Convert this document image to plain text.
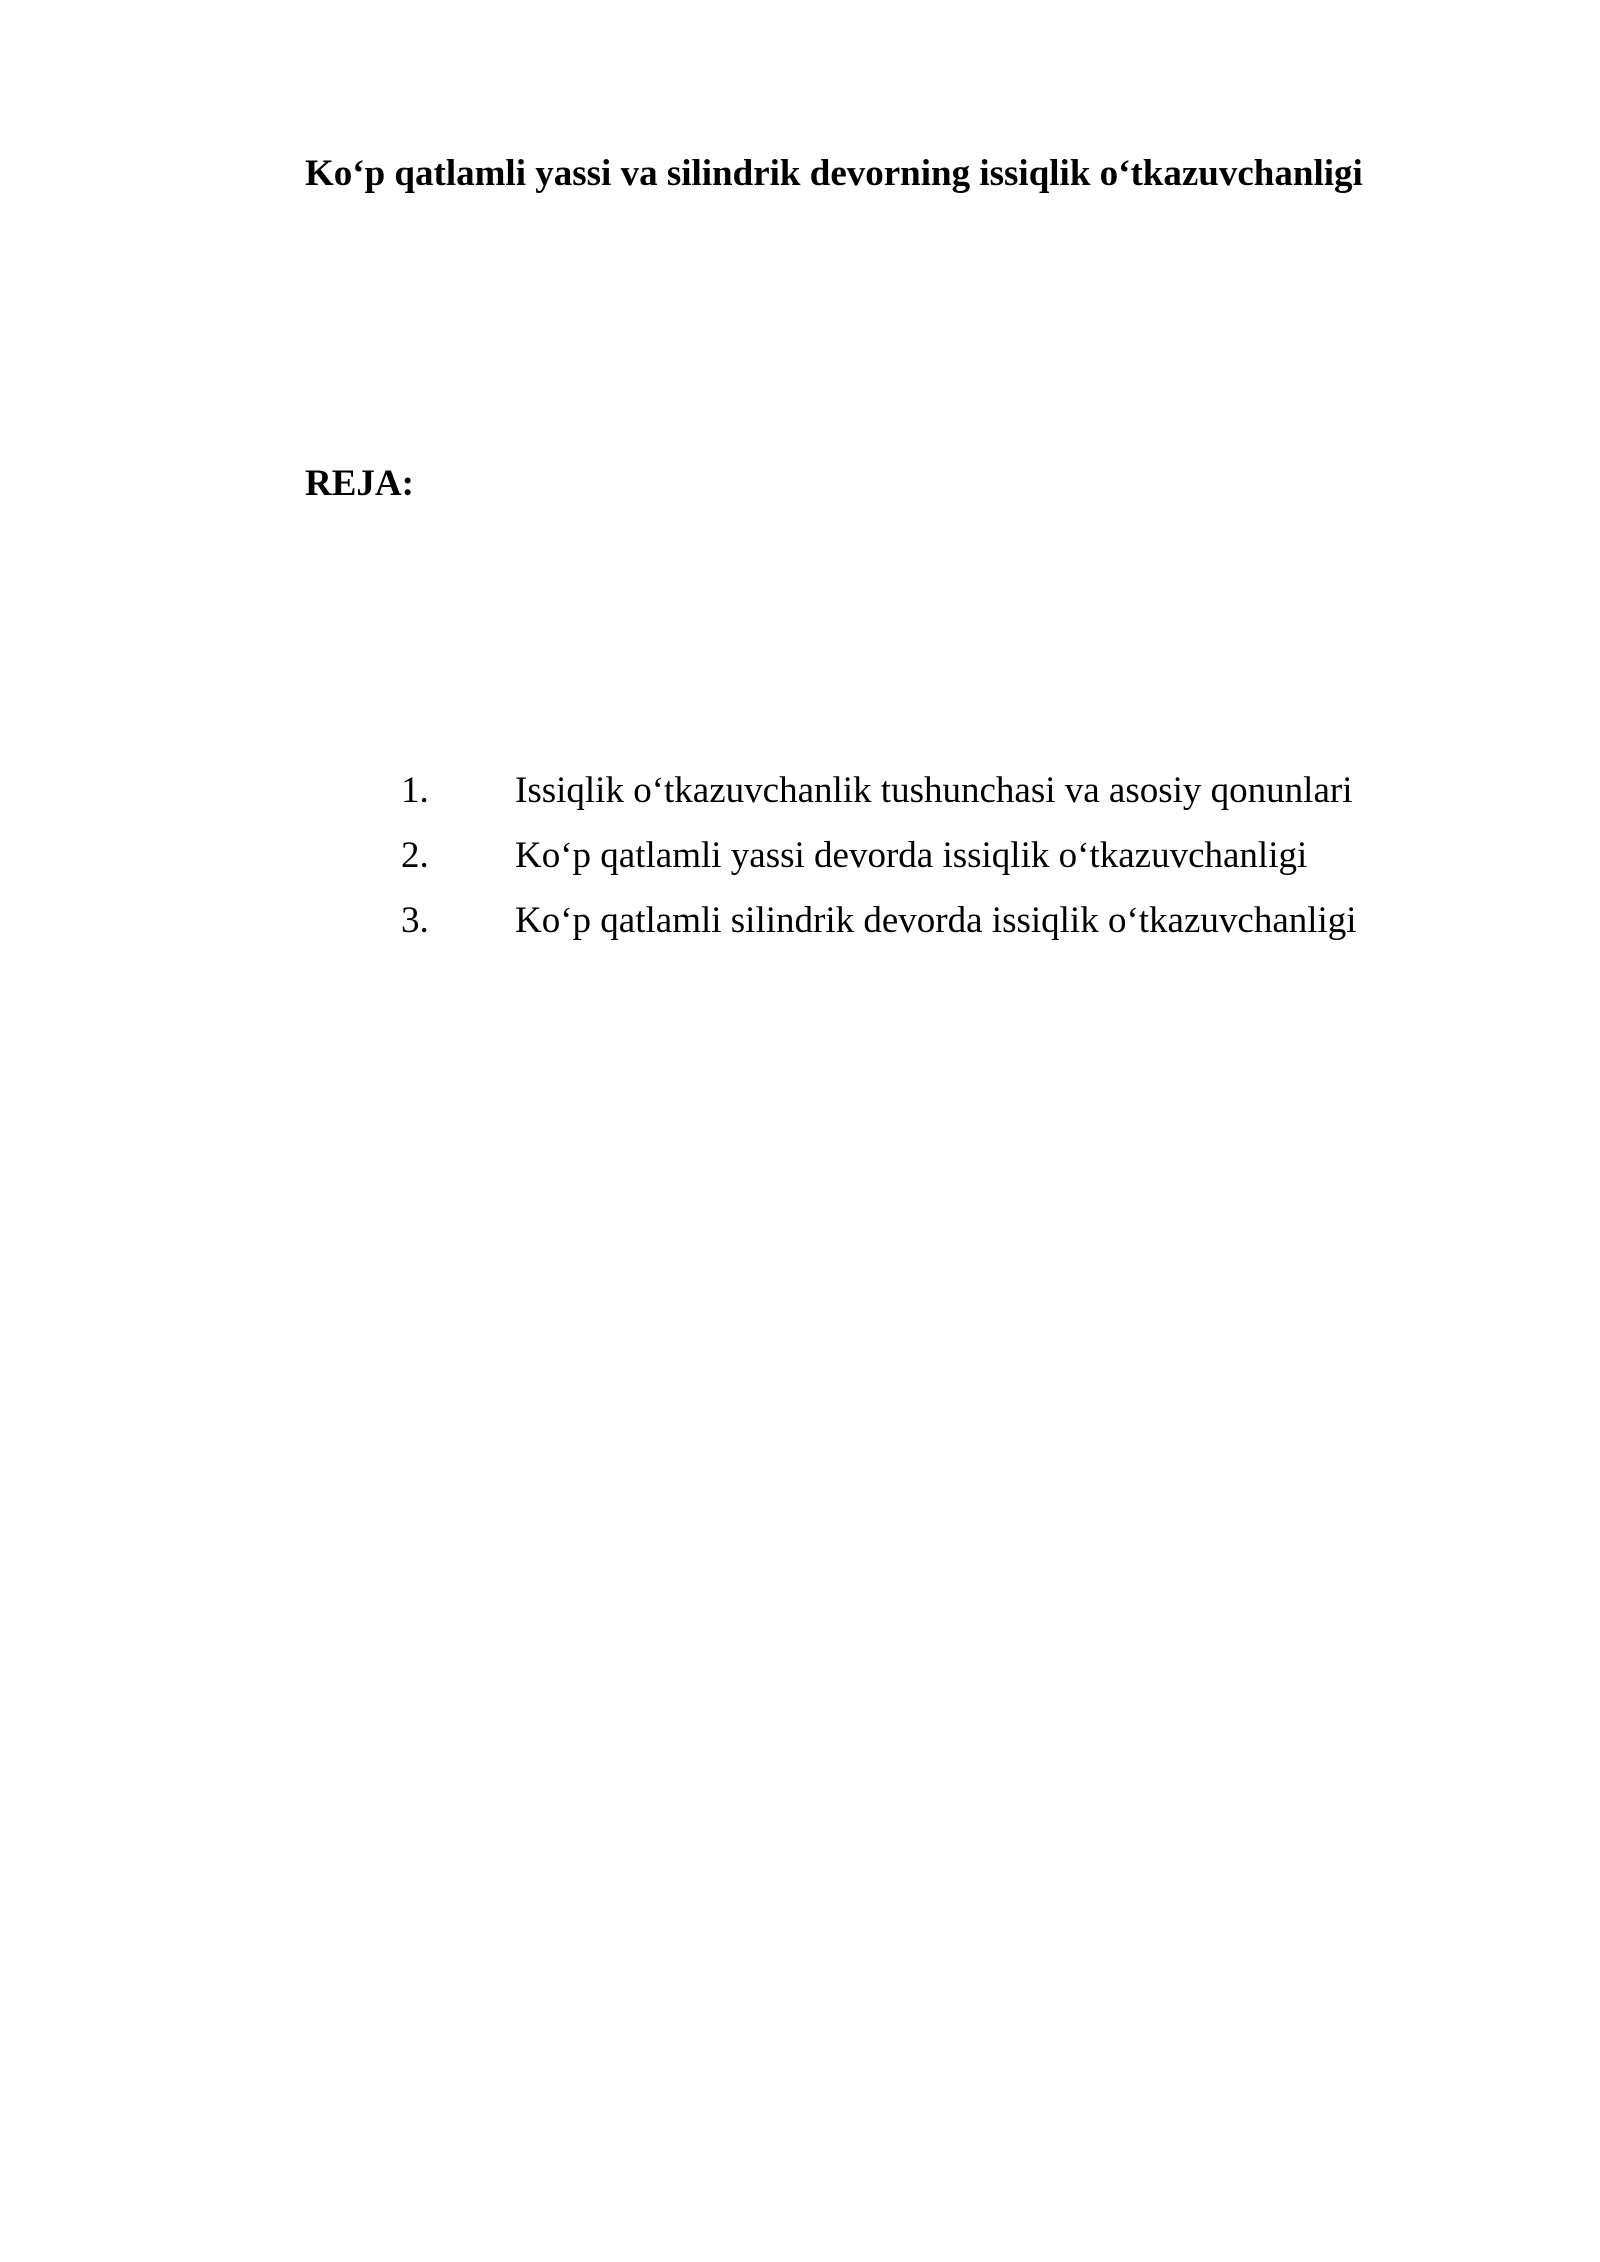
Ko‘p qatlamli yassi va silindrik devorning issiqlik o‘tkazuvchanligi
REJA:
1.	Issiqlik o‘tkazuvchanlik tushunchasi va asosiy qonunlari
2.	Ko‘p qatlamli yassi devorda issiqlik o‘tkazuvchanligi
3.	Ko‘p qatlamli silindrik devorda issiqlik o‘tkazuvchanligi
